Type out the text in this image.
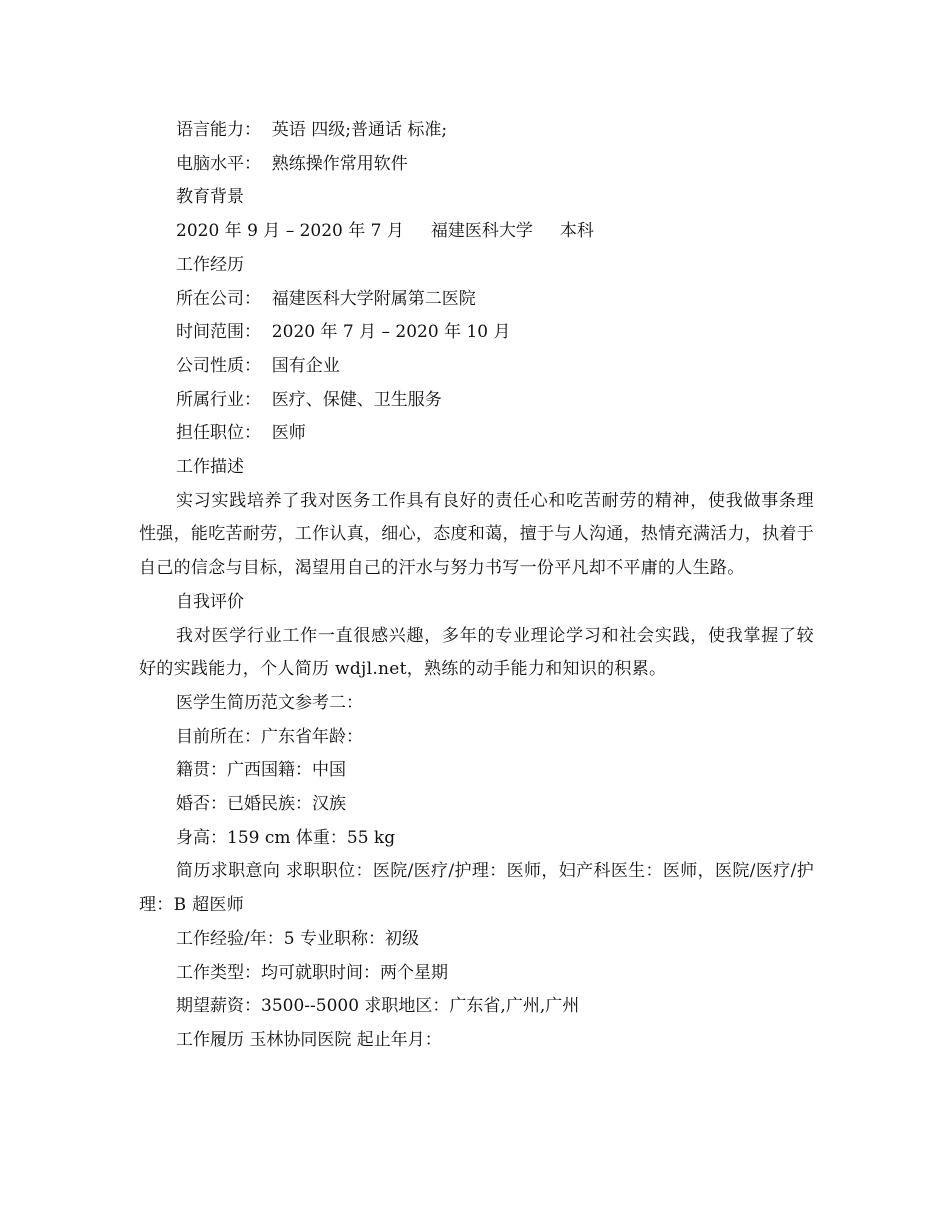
语言能力：  英语 四级;普通话 标准;

电脑水平：  熟练操作常用软件

教育背景

2020 年 9 月 – 2020 年 7 月     福建医科大学     本科

工作经历

所在公司：  福建医科大学附属第二医院

时间范围：  2020 年 7 月 – 2020 年 10 月

公司性质：  国有企业

所属行业：  医疗、保健、卫生服务

担任职位：  医师

工作描述

实习实践培养了我对医务工作具有良好的责任心和吃苦耐劳的精神，使我做事条理性强，能吃苦耐劳，工作认真，细心，态度和蔼，擅于与人沟通，热情充满活力，执着于自己的信念与目标，渴望用自己的汗水与努力书写一份平凡却不平庸的人生路。

自我评价

我对医学行业工作一直很感兴趣，多年的专业理论学习和社会实践，使我掌握了较好的实践能力，个人简历 wdjl.net，熟练的动手能力和知识的积累。

医学生简历范文参考二：

目前所在：广东省年龄：

籍贯：广西国籍：中国

婚否：已婚民族：汉族

身高：159 cm 体重：55 kg

简历求职意向 求职职位：医院/医疗/护理：医师，妇产科医生：医师，医院/医疗/护理：B 超医师

工作经验/年：5 专业职称：初级

工作类型：均可就职时间：两个星期

期望薪资：3500--5000 求职地区：广东省,广州,广州

工作履历 玉林协同医院 起止年月：
